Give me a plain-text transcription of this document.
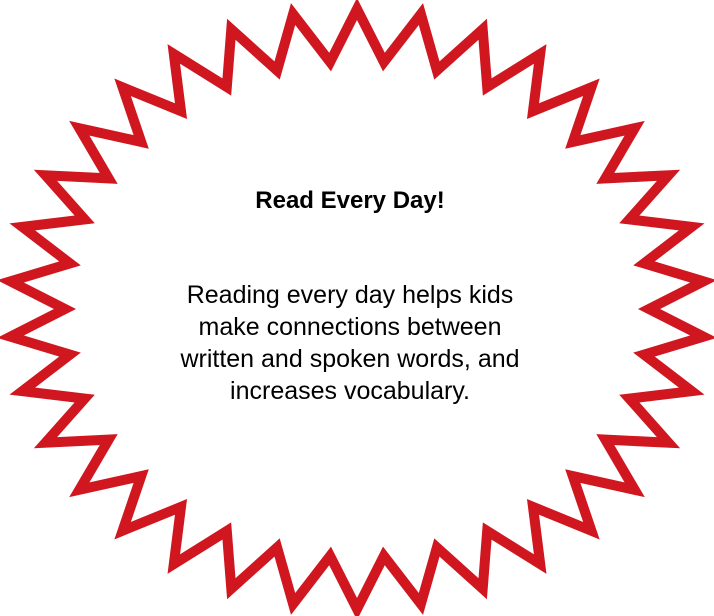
Read Every Day!
Reading every day helps kids
make connections between
written and spoken words, and
increases vocabulary.
